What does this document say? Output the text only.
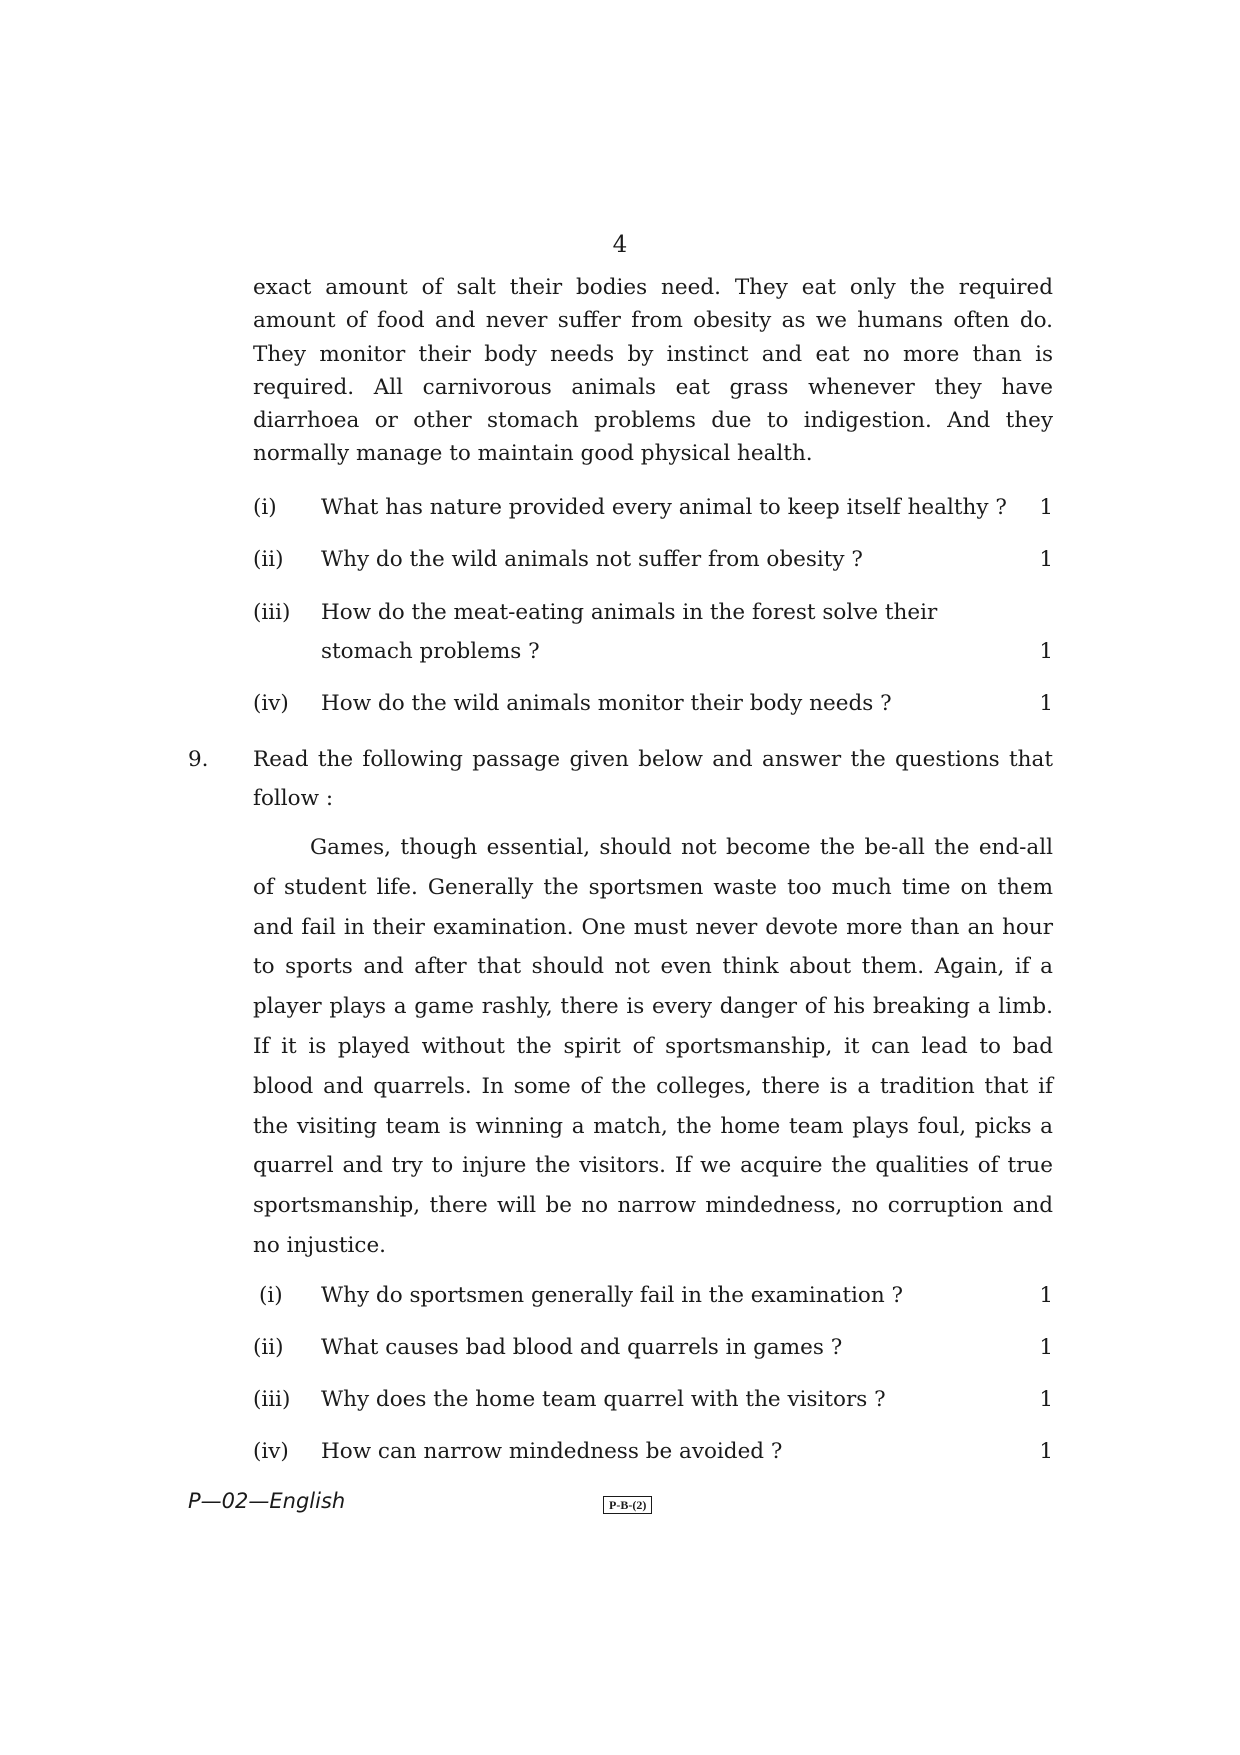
4
exact amount of salt their bodies need. They eat only the required amount of food and never suffer from obesity as we humans often do. They monitor their body needs by instinct and eat no more than is required. All carnivorous animals eat grass whenever they have diarrhoea or other stomach problems due to indigestion. And they normally manage to maintain good physical health.
(i) What has nature provided every animal to keep itself healthy ?	1
(ii) Why do the wild animals not suffer from obesity ?	1
(iii) How do the meat-eating animals in the forest solve their stomach problems ?	1
(iv) How do the wild animals monitor their body needs ?	1
9. Read the following passage given below and answer the questions that follow :
Games, though essential, should not become the be-all the end-all of student life. Generally the sportsmen waste too much time on them and fail in their examination. One must never devote more than an hour to sports and after that should not even think about them. Again, if a player plays a game rashly, there is every danger of his breaking a limb. If it is played without the spirit of sportsmanship, it can lead to bad blood and quarrels. In some of the colleges, there is a tradition that if the visiting team is winning a match, the home team plays foul, picks a quarrel and try to injure the visitors. If we acquire the qualities of true sportsmanship, there will be no narrow mindedness, no corruption and no injustice.
(i) Why do sportsmen generally fail in the examination ?	1
(ii) What causes bad blood and quarrels in games ?	1
(iii) Why does the home team quarrel with the visitors ?	1
(iv) How can narrow mindedness be avoided ?	1
P—02—English	P-B-(2)
